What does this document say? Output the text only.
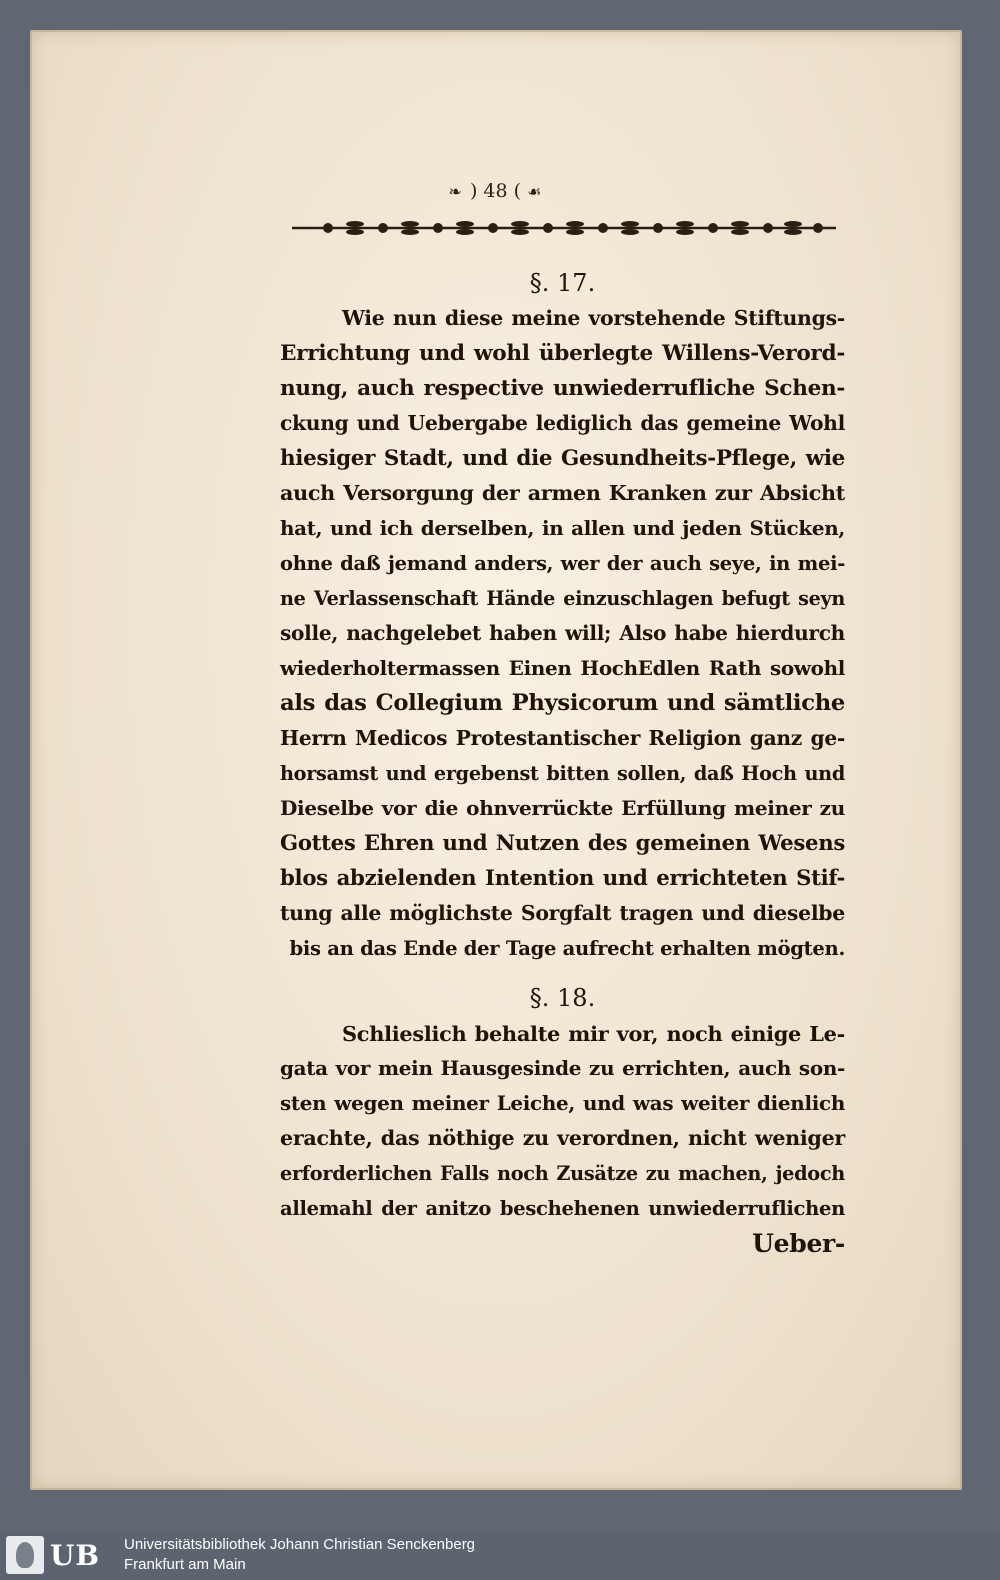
❧ ) 48 ( ☙
§. 17.
Wie nun diese meine vorstehende Stiftungs-
Errichtung und wohl überlegte Willens-Verord-
nung, auch respective unwiederrufliche Schen-
ckung und Uebergabe lediglich das gemeine Wohl
hiesiger Stadt, und die Gesundheits-Pflege, wie
auch Versorgung der armen Kranken zur Absicht
hat, und ich derselben, in allen und jeden Stücken,
ohne daß jemand anders, wer der auch seye, in mei-
ne Verlassenschaft Hände einzuschlagen befugt seyn
solle, nachgelebet haben will; Also habe hierdurch
wiederholtermassen Einen HochEdlen Rath sowohl
als das Collegium Physicorum und sämtliche
Herrn Medicos Protestantischer Religion ganz ge-
horsamst und ergebenst bitten sollen, daß Hoch und
Dieselbe vor die ohnverrückte Erfüllung meiner zu
Gottes Ehren und Nutzen des gemeinen Wesens
blos abzielenden Intention und errichteten Stif-
tung alle möglichste Sorgfalt tragen und dieselbe
bis an das Ende der Tage aufrecht erhalten mögten.
§. 18.
Schlieslich behalte mir vor, noch einige Le-
gata vor mein Hausgesinde zu errichten, auch son-
sten wegen meiner Leiche, und was weiter dienlich
erachte, das nöthige zu verordnen, nicht weniger
erforderlichen Falls noch Zusätze zu machen, jedoch
allemahl der anitzo beschehenen unwiederruflichen
Ueber-
UB Universitätsbibliothek Johann Christian Senckenberg
Frankfurt am Main
